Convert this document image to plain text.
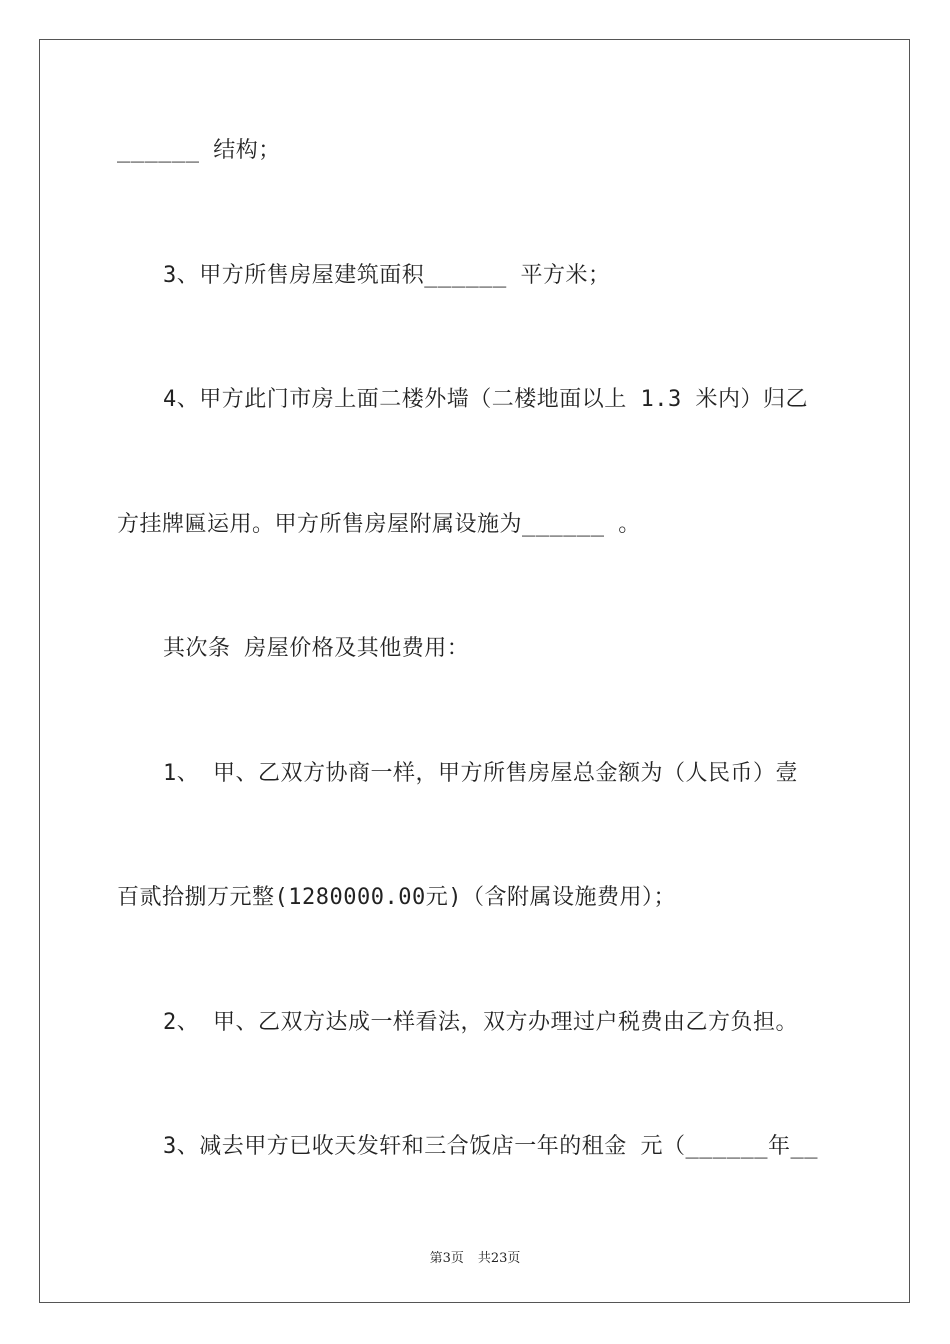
______ 结构；
3、甲方所售房屋建筑面积______ 平方米；
4、甲方此门市房上面二楼外墙（二楼地面以上 1.3 米内）归乙
方挂牌匾运用。甲方所售房屋附属设施为______ 。
其次条 房屋价格及其他费用：
1、 甲、乙双方协商一样，甲方所售房屋总金额为（人民币）壹
百贰拾捌万元整(1280000.00元)（含附属设施费用）；
2、 甲、乙双方达成一样看法，双方办理过户税费由乙方负担。
3、减去甲方已收天发轩和三合饭店一年的租金 元（______年__
第3页 共23页
